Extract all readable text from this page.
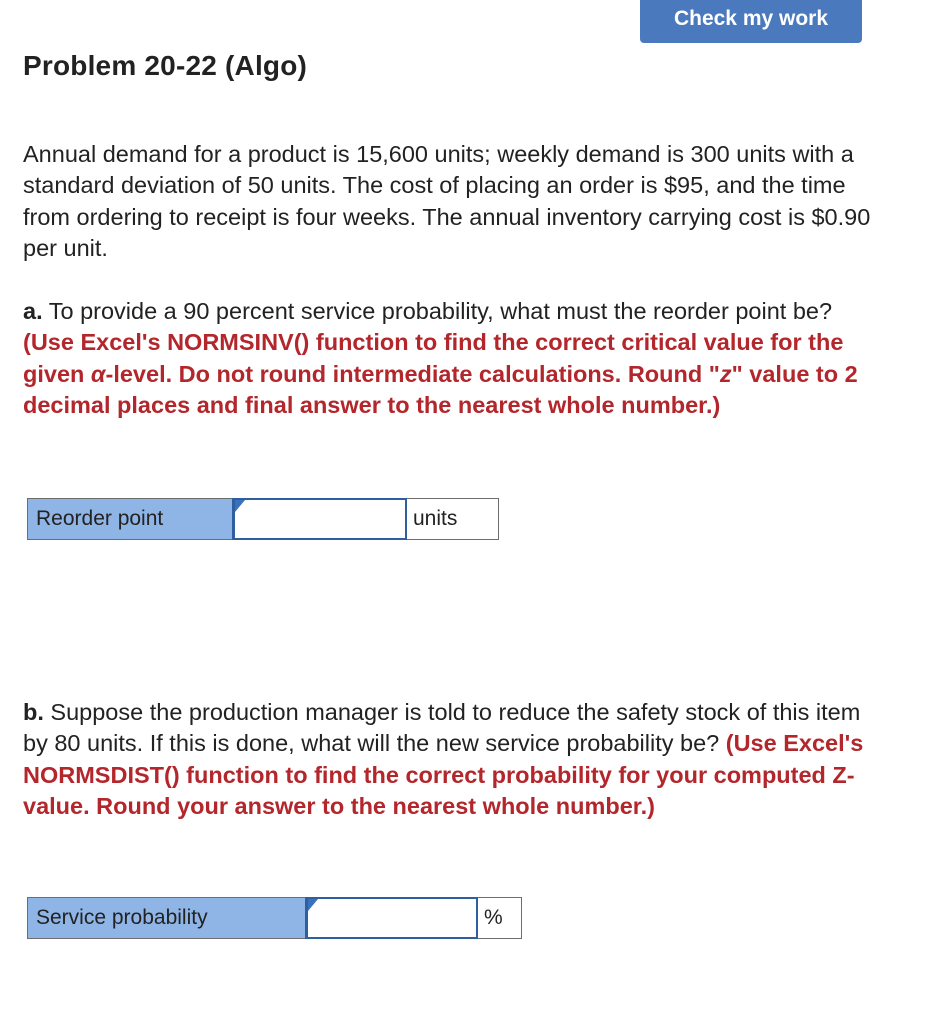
Check my work
Problem 20-22 (Algo)

Annual demand for a product is 15,600 units; weekly demand is 300 units with a standard deviation of 50 units. The cost of placing an order is $95, and the time from ordering to receipt is four weeks. The annual inventory carrying cost is $0.90 per unit.

a. To provide a 90 percent service probability, what must the reorder point be? (Use Excel's NORMSINV() function to find the correct critical value for the given α-level. Do not round intermediate calculations. Round "z" value to 2 decimal places and final answer to the nearest whole number.)

Reorder point	units

b. Suppose the production manager is told to reduce the safety stock of this item by 80 units. If this is done, what will the new service probability be? (Use Excel's NORMSDIST() function to find the correct probability for your computed Z-value. Round your answer to the nearest whole number.)

Service probability	%
